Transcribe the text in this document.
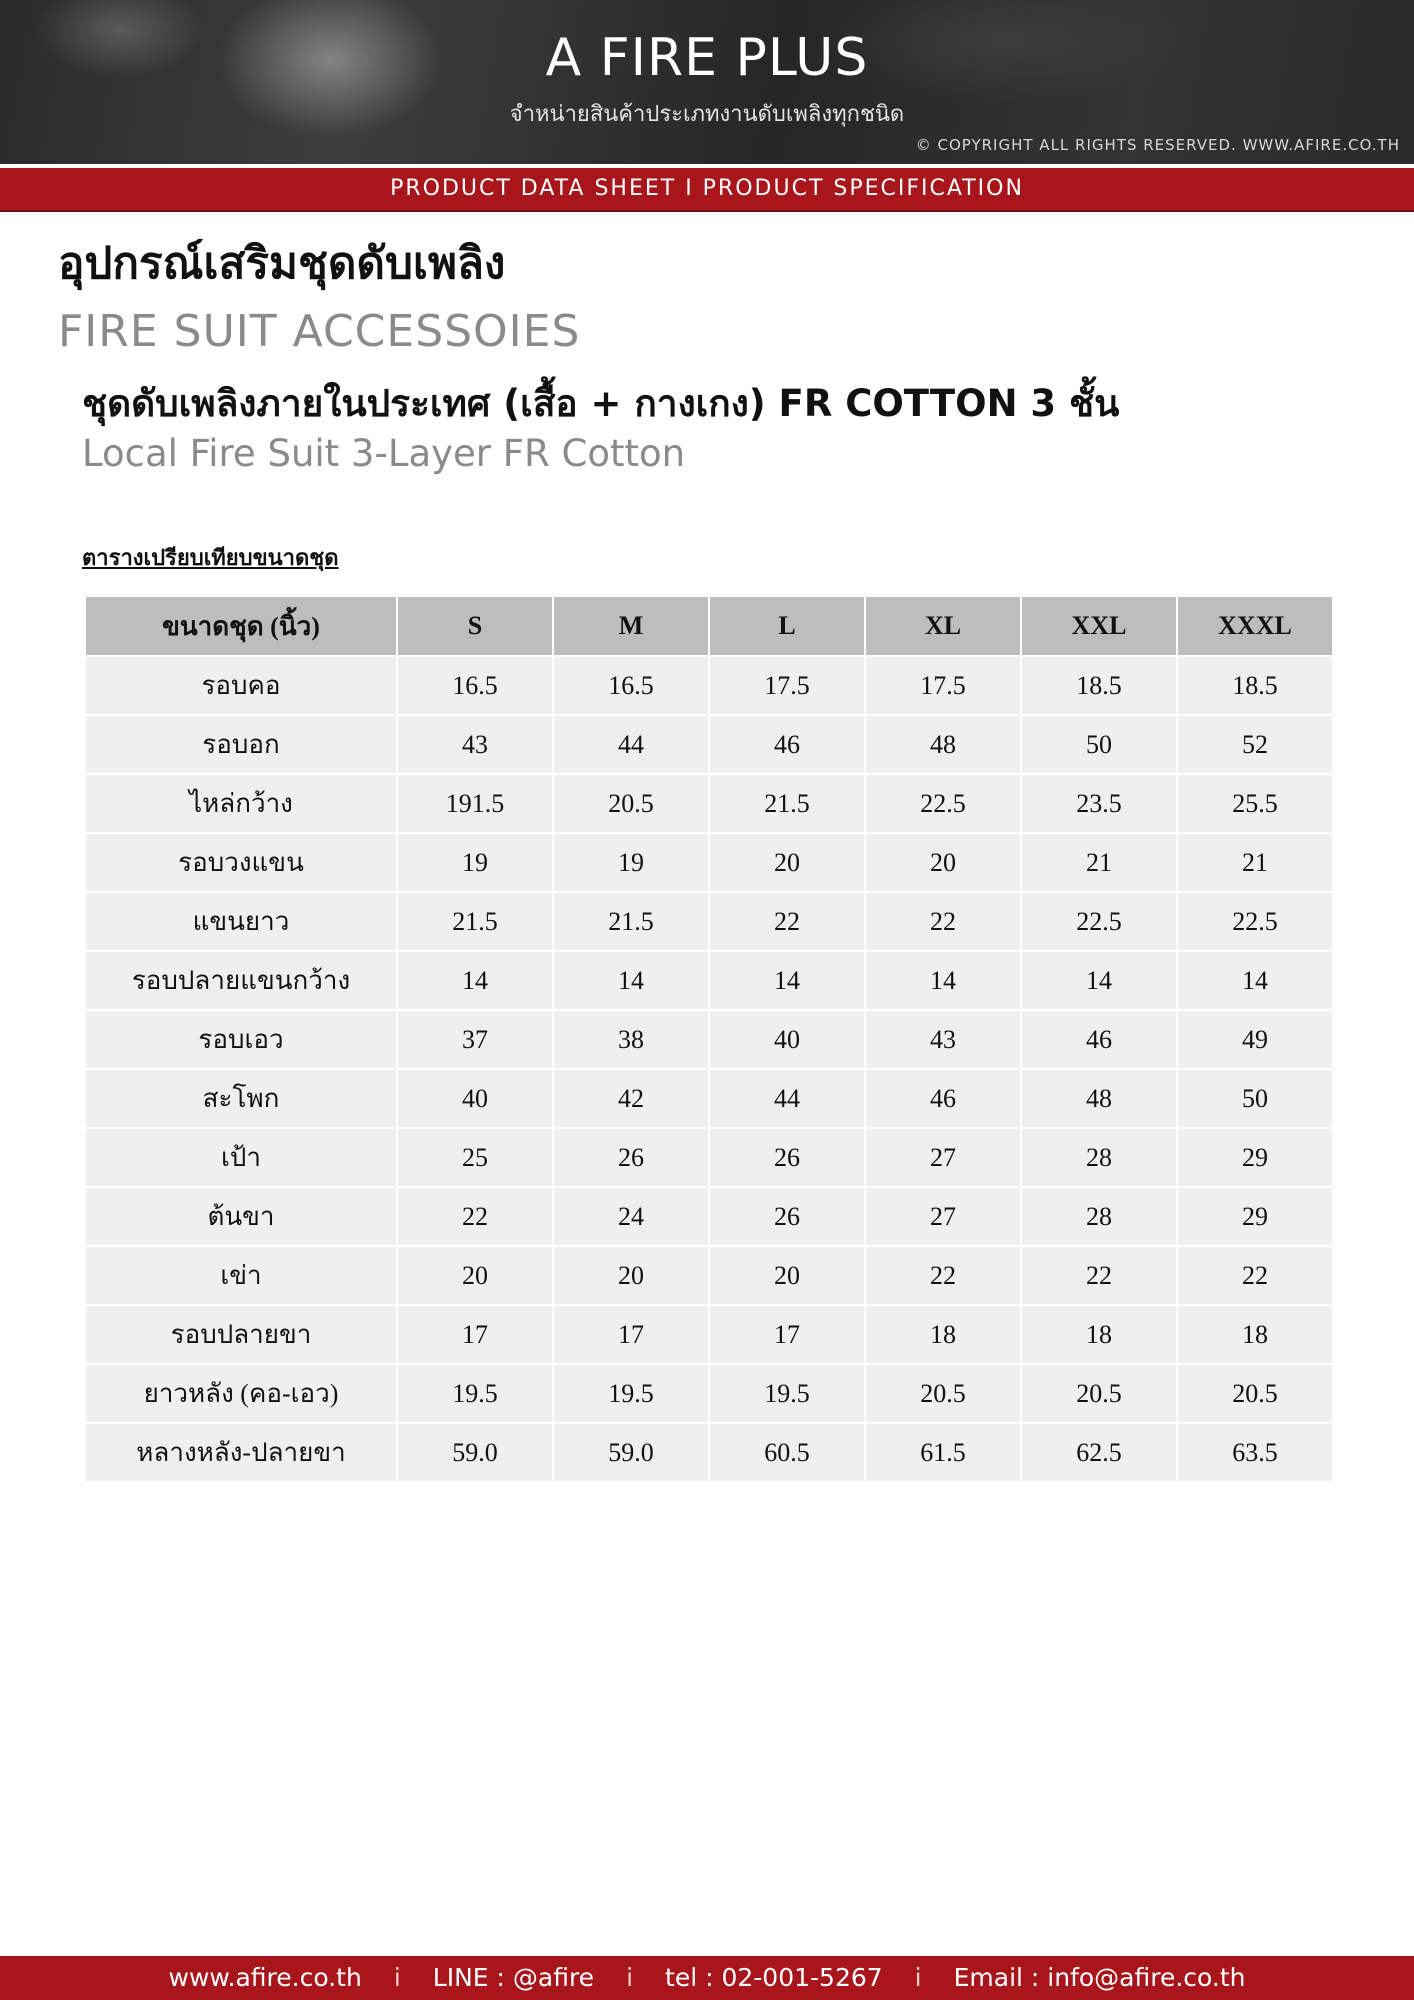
A FIRE PLUS
จำหน่ายสินค้าประเภทงานดับเพลิงทุกชนิด
© COPYRIGHT ALL RIGHTS RESERVED. WWW.AFIRE.CO.TH
PRODUCT DATA SHEET I PRODUCT SPECIFICATION
อุปกรณ์เสริมชุดดับเพลิง
FIRE SUIT ACCESSOIES
ชุดดับเพลิงภายในประเทศ (เสื้อ + กางเกง) FR COTTON 3 ชั้น
Local Fire Suit 3-Layer FR Cotton
ตารางเปรียบเทียบขนาดชุด
ขนาดชุด (นิ้ว)	S	M	L	XL	XXL	XXXL
รอบคอ	16.5	16.5	17.5	17.5	18.5	18.5
รอบอก	43	44	46	48	50	52
ไหล่กว้าง	191.5	20.5	21.5	22.5	23.5	25.5
รอบวงแขน	19	19	20	20	21	21
แขนยาว	21.5	21.5	22	22	22.5	22.5
รอบปลายแขนกว้าง	14	14	14	14	14	14
รอบเอว	37	38	40	43	46	49
สะโพก	40	42	44	46	48	50
เป้า	25	26	26	27	28	29
ต้นขา	22	24	26	27	28	29
เข่า	20	20	20	22	22	22
รอบปลายขา	17	17	17	18	18	18
ยาวหลัง (คอ-เอว)	19.5	19.5	19.5	20.5	20.5	20.5
หลางหลัง-ปลายขา	59.0	59.0	60.5	61.5	62.5	63.5
www.afire.co.th i LINE : @afire i tel : 02-001-5267 i Email : info@afire.co.th
